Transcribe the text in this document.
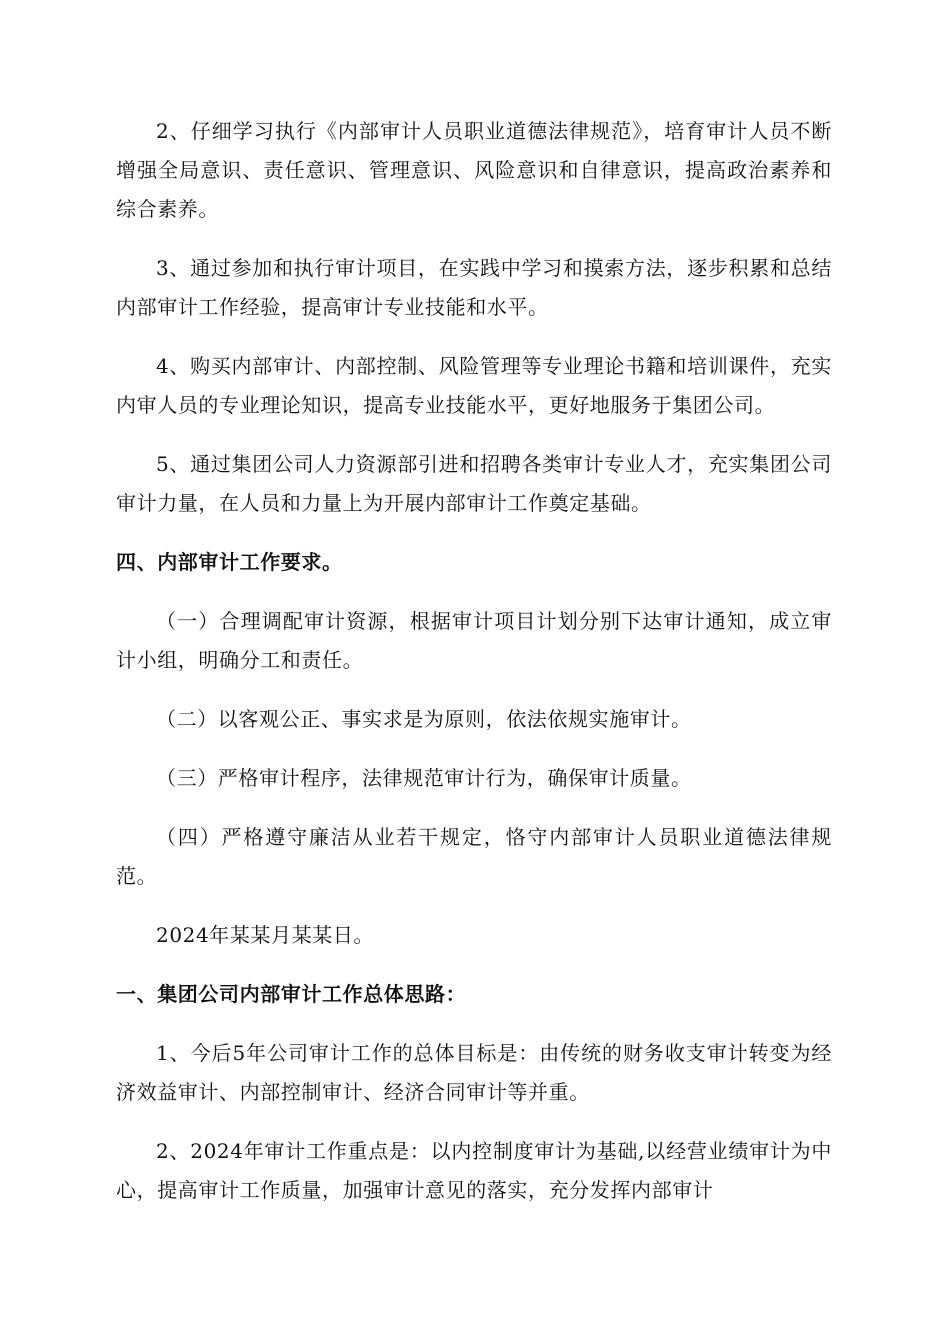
2、仔细学习执行《内部审计人员职业道德法律规范》，培育审计人员不断增强全局意识、责任意识、管理意识、风险意识和自律意识，提高政治素养和综合素养。

3、通过参加和执行审计项目，在实践中学习和摸索方法，逐步积累和总结内部审计工作经验，提高审计专业技能和水平。

4、购买内部审计、内部控制、风险管理等专业理论书籍和培训课件，充实内审人员的专业理论知识，提高专业技能水平，更好地服务于集团公司。

5、通过集团公司人力资源部引进和招聘各类审计专业人才，充实集团公司审计力量，在人员和力量上为开展内部审计工作奠定基础。

四、内部审计工作要求。

（一）合理调配审计资源，根据审计项目计划分别下达审计通知，成立审计小组，明确分工和责任。

（二）以客观公正、事实求是为原则，依法依规实施审计。

（三）严格审计程序，法律规范审计行为，确保审计质量。

（四）严格遵守廉洁从业若干规定，恪守内部审计人员职业道德法律规范。

2024年某某月某某日。

一、集团公司内部审计工作总体思路：

1、今后5年公司审计工作的总体目标是：由传统的财务收支审计转变为经济效益审计、内部控制审计、经济合同审计等并重。

2、2024年审计工作重点是：以内控制度审计为基础,以经营业绩审计为中心，提高审计工作质量，加强审计意见的落实，充分发挥内部审计
